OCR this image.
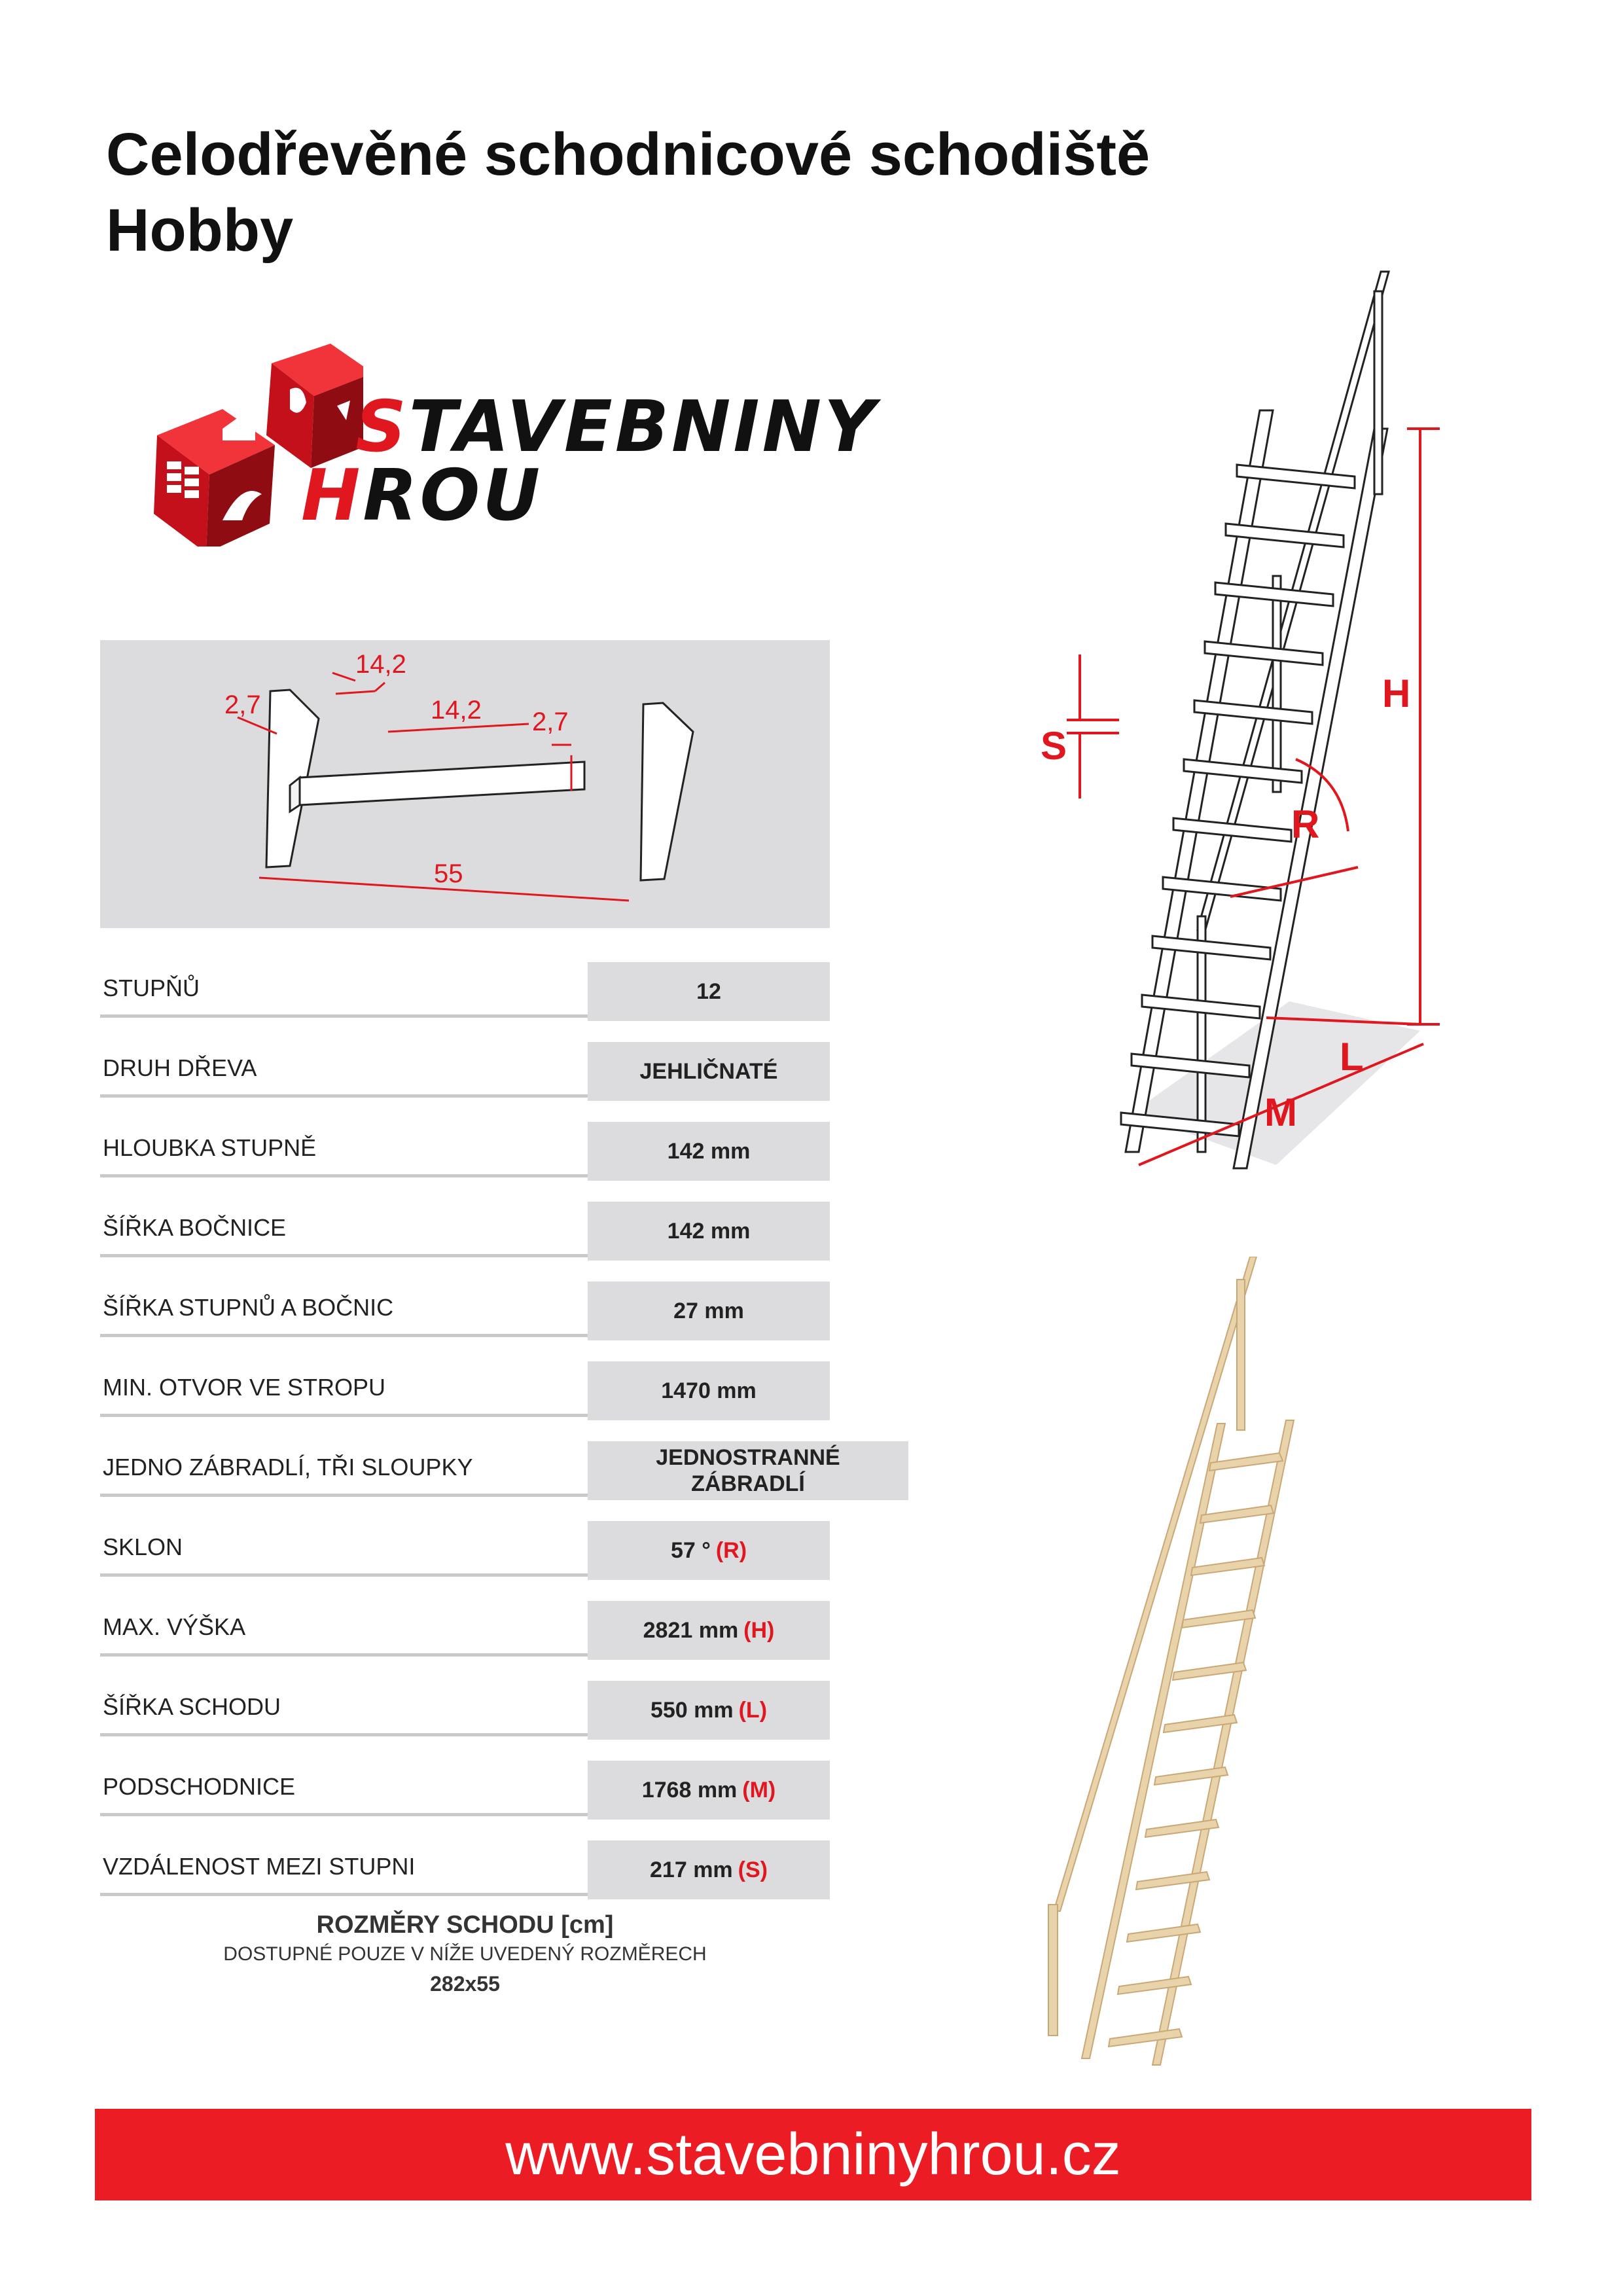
Celodřevěné schodnicové schodiště
Hobby
STAVEBNINY
HROU
2,7
14,2
14,2 2,7
55
STUPŇŮ	12
DRUH DŘEVA	JEHLIČNATÉ
HLOUBKA STUPNĚ	142 mm
ŠÍŘKA BOČNICE	142 mm
ŠÍŘKA STUPNŮ A BOČNIC	27 mm
MIN. OTVOR VE STROPU	1470 mm
JEDNO ZÁBRADLÍ, TŘI SLOUPKY	JEDNOSTRANNÉ ZÁBRADLÍ
SKLON	57 ° (R)
MAX. VÝŠKA	2821 mm (H)
ŠÍŘKA SCHODU	550 mm (L)
PODSCHODNICE	1768 mm (M)
VZDÁLENOST MEZI STUPNI	217 mm (S)
ROZMĚRY SCHODU [cm]
DOSTUPNÉ POUZE V NÍŽE UVEDENÝ ROZMĚRECH
282x55
H
S
R
L
M
www.stavebninyhrou.cz
